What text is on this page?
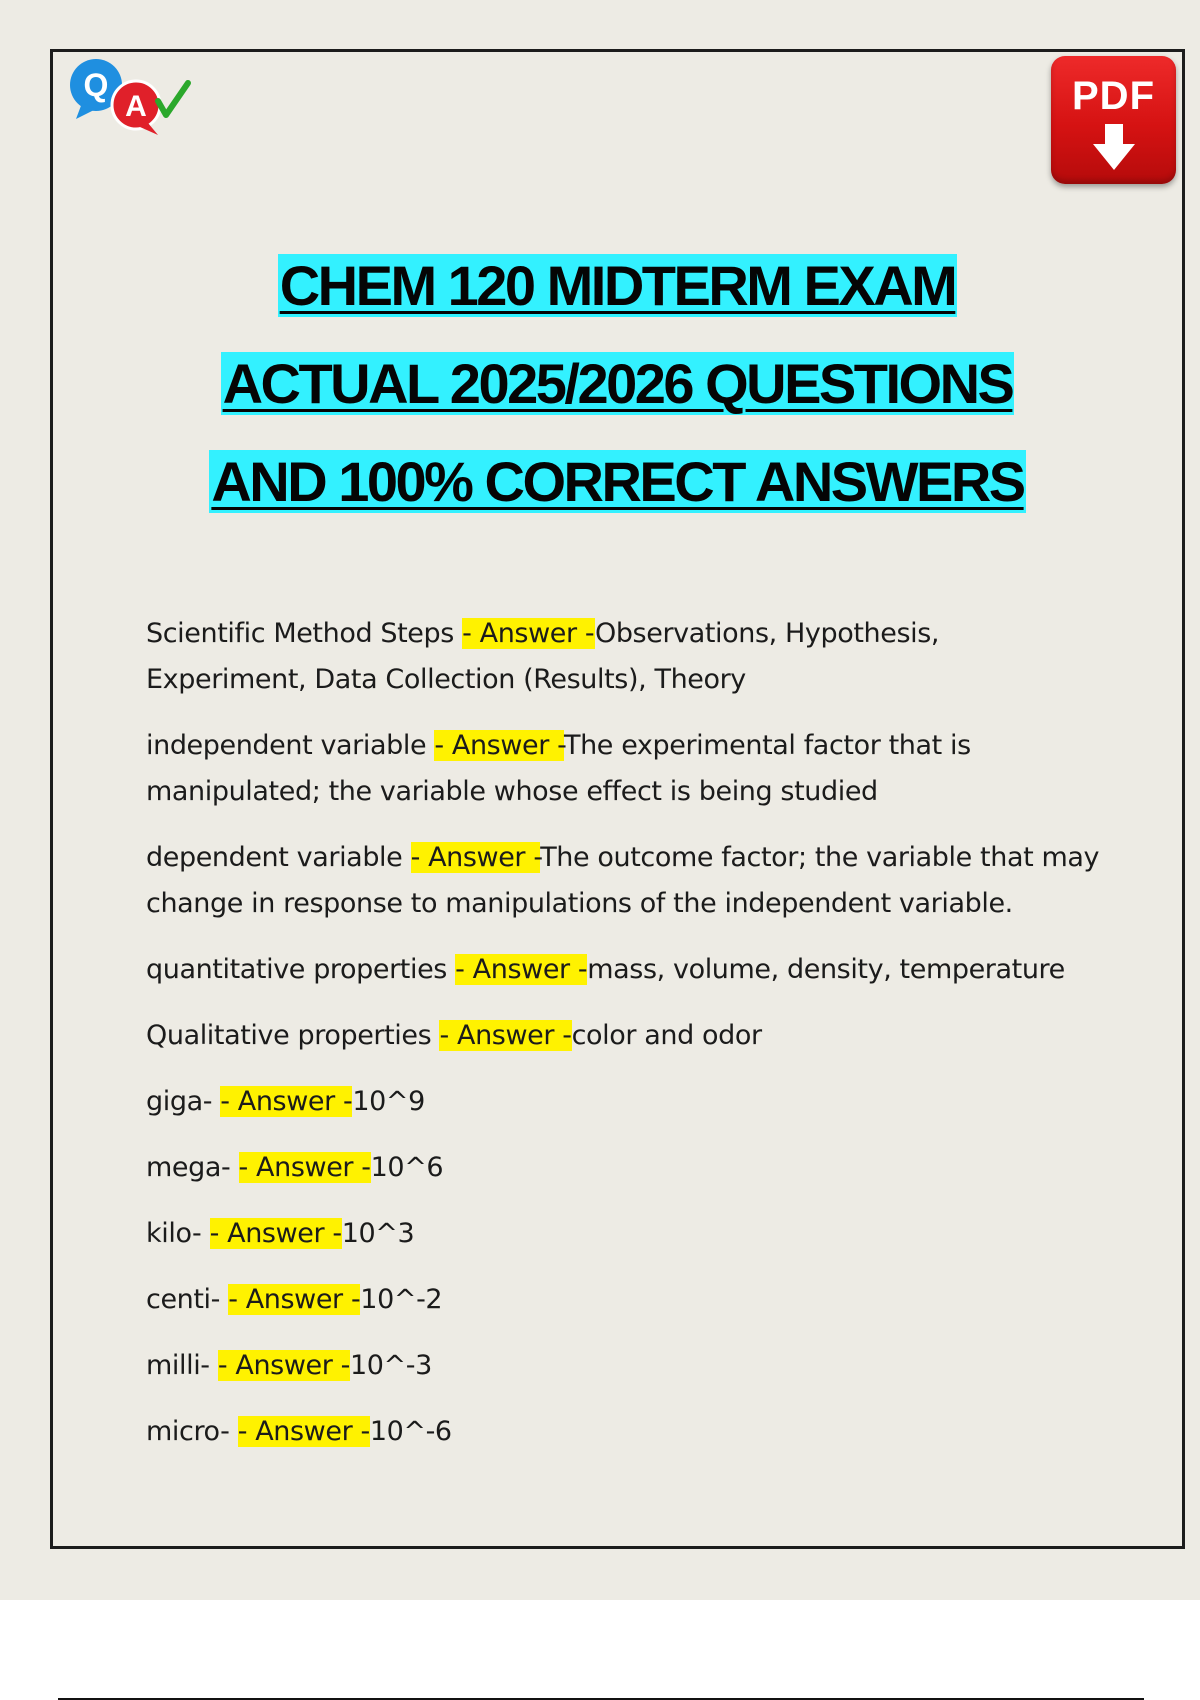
Q
A	PDF
CHEM 120 MIDTERM EXAM
ACTUAL 2025/2026 QUESTIONS
AND 100% CORRECT ANSWERS
Scientific Method Steps - Answer -Observations, Hypothesis, Experiment, Data Collection (Results), Theory
independent variable - Answer -The experimental factor that is manipulated; the variable whose effect is being studied
dependent variable - Answer -The outcome factor; the variable that may change in response to manipulations of the independent variable.
quantitative properties - Answer -mass, volume, density, temperature
Qualitative properties - Answer -color and odor
giga- - Answer -10^9
mega- - Answer -10^6
kilo- - Answer -10^3
centi- - Answer -10^-2
milli- - Answer -10^-3
micro- - Answer -10^-6
